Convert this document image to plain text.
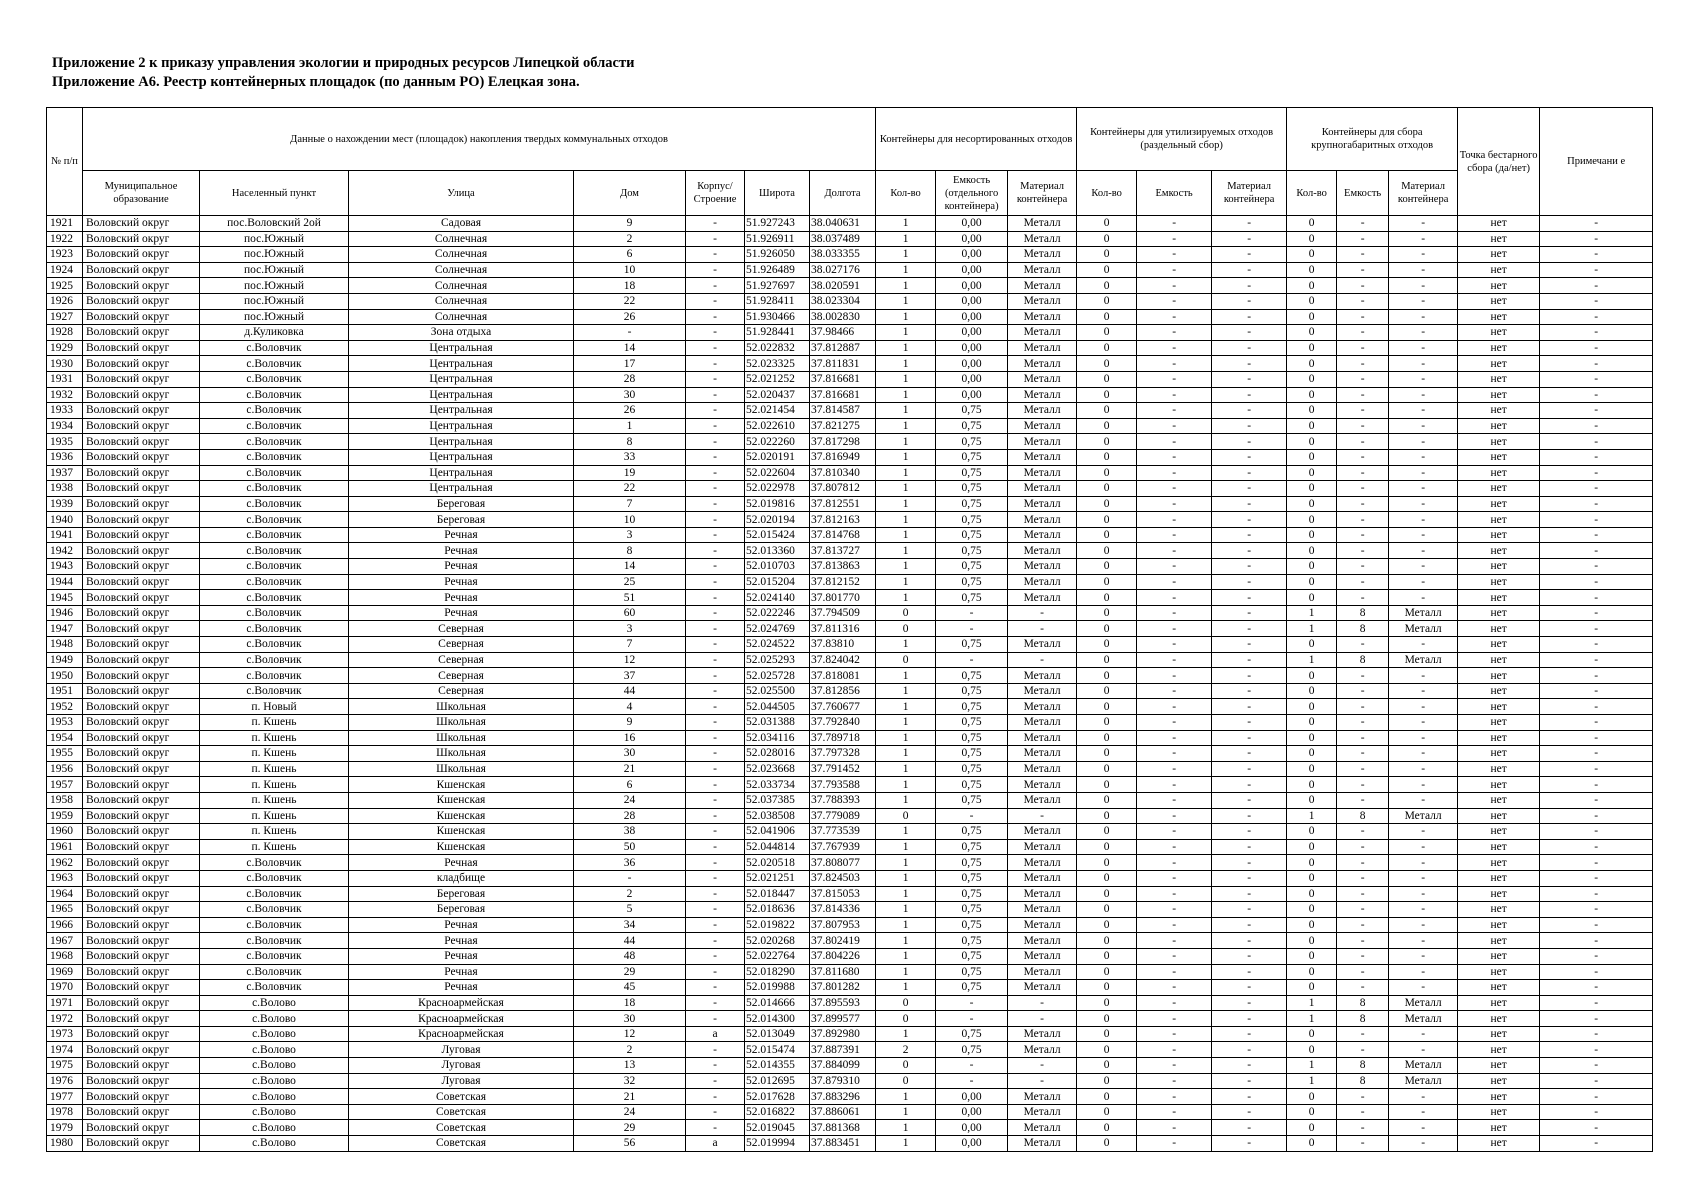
Приложение 2 к приказу управления экологии и природных ресурсов Липецкой области
Приложение А6. Реестр контейнерных площадок (по данным РО) Елецкая зона.
№ п/п	Данные о нахождении мест (площадок) накопления твердых коммунальных отходов							Контейнеры для несортированных отходов			Контейнеры для утилизируемых отходов (раздельный сбор)			Контейнеры для сбора крупногабаритных отходов			Точка бестарного сбора (да/нет)	Примечани е
	Муниципальное образование	Населенный пункт	Улица	Дом	Корпус/ Строение	Широта	Долгота	Кол-во	Емкость (отдельного контейнера)	Материал контейнера	Кол-во	Емкость	Материал контейнера	Кол-во	Емкость	Материал контейнера		
1921	Воловский округ	пос.Воловский 2ой	Садовая	9	-	51.927243	38.040631	1	0,00	Металл	0	-	-	0	-	-	нет	-
1922	Воловский округ	пос.Южный	Солнечная	2	-	51.926911	38.037489	1	0,00	Металл	0	-	-	0	-	-	нет	-
1923	Воловский округ	пос.Южный	Солнечная	6	-	51.926050	38.033355	1	0,00	Металл	0	-	-	0	-	-	нет	-
1924	Воловский округ	пос.Южный	Солнечная	10	-	51.926489	38.027176	1	0,00	Металл	0	-	-	0	-	-	нет	-
1925	Воловский округ	пос.Южный	Солнечная	18	-	51.927697	38.020591	1	0,00	Металл	0	-	-	0	-	-	нет	-
1926	Воловский округ	пос.Южный	Солнечная	22	-	51.928411	38.023304	1	0,00	Металл	0	-	-	0	-	-	нет	-
1927	Воловский округ	пос.Южный	Солнечная	26	-	51.930466	38.002830	1	0,00	Металл	0	-	-	0	-	-	нет	-
1928	Воловский округ	д.Куликовка	Зона отдыха	-	-	51.928441	37.98466	1	0,00	Металл	0	-	-	0	-	-	нет	-
1929	Воловский округ	с.Воловчик	Центральная	14	-	52.022832	37.812887	1	0,00	Металл	0	-	-	0	-	-	нет	-
1930	Воловский округ	с.Воловчик	Центральная	17	-	52.023325	37.811831	1	0,00	Металл	0	-	-	0	-	-	нет	-
1931	Воловский округ	с.Воловчик	Центральная	28	-	52.021252	37.816681	1	0,00	Металл	0	-	-	0	-	-	нет	-
1932	Воловский округ	с.Воловчик	Центральная	30	-	52.020437	37.816681	1	0,00	Металл	0	-	-	0	-	-	нет	-
1933	Воловский округ	с.Воловчик	Центральная	26	-	52.021454	37.814587	1	0,75	Металл	0	-	-	0	-	-	нет	-
1934	Воловский округ	с.Воловчик	Центральная	1	-	52.022610	37.821275	1	0,75	Металл	0	-	-	0	-	-	нет	-
1935	Воловский округ	с.Воловчик	Центральная	8	-	52.022260	37.817298	1	0,75	Металл	0	-	-	0	-	-	нет	-
1936	Воловский округ	с.Воловчик	Центральная	33	-	52.020191	37.816949	1	0,75	Металл	0	-	-	0	-	-	нет	-
1937	Воловский округ	с.Воловчик	Центральная	19	-	52.022604	37.810340	1	0,75	Металл	0	-	-	0	-	-	нет	-
1938	Воловский округ	с.Воловчик	Центральная	22	-	52.022978	37.807812	1	0,75	Металл	0	-	-	0	-	-	нет	-
1939	Воловский округ	с.Воловчик	Береговая	7	-	52.019816	37.812551	1	0,75	Металл	0	-	-	0	-	-	нет	-
1940	Воловский округ	с.Воловчик	Береговая	10	-	52.020194	37.812163	1	0,75	Металл	0	-	-	0	-	-	нет	-
1941	Воловский округ	с.Воловчик	Речная	3	-	52.015424	37.814768	1	0,75	Металл	0	-	-	0	-	-	нет	-
1942	Воловский округ	с.Воловчик	Речная	8	-	52.013360	37.813727	1	0,75	Металл	0	-	-	0	-	-	нет	-
1943	Воловский округ	с.Воловчик	Речная	14	-	52.010703	37.813863	1	0,75	Металл	0	-	-	0	-	-	нет	-
1944	Воловский округ	с.Воловчик	Речная	25	-	52.015204	37.812152	1	0,75	Металл	0	-	-	0	-	-	нет	-
1945	Воловский округ	с.Воловчик	Речная	51	-	52.024140	37.801770	1	0,75	Металл	0	-	-	0	-	-	нет	-
1946	Воловский округ	с.Воловчик	Речная	60	-	52.022246	37.794509	0	-	-	0	-	-	1	8	Металл	нет	-
1947	Воловский округ	с.Воловчик	Северная	3	-	52.024769	37.811316	0	-	-	0	-	-	1	8	Металл	нет	-
1948	Воловский округ	с.Воловчик	Северная	7	-	52.024522	37.83810	1	0,75	Металл	0	-	-	0	-	-	нет	-
1949	Воловский округ	с.Воловчик	Северная	12	-	52.025293	37.824042	0	-	-	0	-	-	1	8	Металл	нет	-
1950	Воловский округ	с.Воловчик	Северная	37	-	52.025728	37.818081	1	0,75	Металл	0	-	-	0	-	-	нет	-
1951	Воловский округ	с.Воловчик	Северная	44	-	52.025500	37.812856	1	0,75	Металл	0	-	-	0	-	-	нет	-
1952	Воловский округ	п. Новый	Школьная	4	-	52.044505	37.760677	1	0,75	Металл	0	-	-	0	-	-	нет	-
1953	Воловский округ	п. Кшень	Школьная	9	-	52.031388	37.792840	1	0,75	Металл	0	-	-	0	-	-	нет	-
1954	Воловский округ	п. Кшень	Школьная	16	-	52.034116	37.789718	1	0,75	Металл	0	-	-	0	-	-	нет	-
1955	Воловский округ	п. Кшень	Школьная	30	-	52.028016	37.797328	1	0,75	Металл	0	-	-	0	-	-	нет	-
1956	Воловский округ	п. Кшень	Школьная	21	-	52.023668	37.791452	1	0,75	Металл	0	-	-	0	-	-	нет	-
1957	Воловский округ	п. Кшень	Кшенская	6	-	52.033734	37.793588	1	0,75	Металл	0	-	-	0	-	-	нет	-
1958	Воловский округ	п. Кшень	Кшенская	24	-	52.037385	37.788393	1	0,75	Металл	0	-	-	0	-	-	нет	-
1959	Воловский округ	п. Кшень	Кшенская	28	-	52.038508	37.779089	0	-	-	0	-	-	1	8	Металл	нет	-
1960	Воловский округ	п. Кшень	Кшенская	38	-	52.041906	37.773539	1	0,75	Металл	0	-	-	0	-	-	нет	-
1961	Воловский округ	п. Кшень	Кшенская	50	-	52.044814	37.767939	1	0,75	Металл	0	-	-	0	-	-	нет	-
1962	Воловский округ	с.Воловчик	Речная	36	-	52.020518	37.808077	1	0,75	Металл	0	-	-	0	-	-	нет	-
1963	Воловский округ	с.Воловчик	кладбище	-	-	52.021251	37.824503	1	0,75	Металл	0	-	-	0	-	-	нет	-
1964	Воловский округ	с.Воловчик	Береговая	2	-	52.018447	37.815053	1	0,75	Металл	0	-	-	0	-	-	нет	-
1965	Воловский округ	с.Воловчик	Береговая	5	-	52.018636	37.814336	1	0,75	Металл	0	-	-	0	-	-	нет	-
1966	Воловский округ	с.Воловчик	Речная	34	-	52.019822	37.807953	1	0,75	Металл	0	-	-	0	-	-	нет	-
1967	Воловский округ	с.Воловчик	Речная	44	-	52.020268	37.802419	1	0,75	Металл	0	-	-	0	-	-	нет	-
1968	Воловский округ	с.Воловчик	Речная	48	-	52.022764	37.804226	1	0,75	Металл	0	-	-	0	-	-	нет	-
1969	Воловский округ	с.Воловчик	Речная	29	-	52.018290	37.811680	1	0,75	Металл	0	-	-	0	-	-	нет	-
1970	Воловский округ	с.Воловчик	Речная	45	-	52.019988	37.801282	1	0,75	Металл	0	-	-	0	-	-	нет	-
1971	Воловский округ	с.Волово	Красноармейская	18	-	52.014666	37.895593	0	-	-	0	-	-	1	8	Металл	нет	-
1972	Воловский округ	с.Волово	Красноармейская	30	-	52.014300	37.899577	0	-	-	0	-	-	1	8	Металл	нет	-
1973	Воловский округ	с.Волово	Красноармейская	12	а	52.013049	37.892980	1	0,75	Металл	0	-	-	0	-	-	нет	-
1974	Воловский округ	с.Волово	Луговая	2	-	52.015474	37.887391	2	0,75	Металл	0	-	-	0	-	-	нет	-
1975	Воловский округ	с.Волово	Луговая	13	-	52.014355	37.884099	0	-	-	0	-	-	1	8	Металл	нет	-
1976	Воловский округ	с.Волово	Луговая	32	-	52.012695	37.879310	0	-	-	0	-	-	1	8	Металл	нет	-
1977	Воловский округ	с.Волово	Советская	21	-	52.017628	37.883296	1	0,00	Металл	0	-	-	0	-	-	нет	-
1978	Воловский округ	с.Волово	Советская	24	-	52.016822	37.886061	1	0,00	Металл	0	-	-	0	-	-	нет	-
1979	Воловский округ	с.Волово	Советская	29	-	52.019045	37.881368	1	0,00	Металл	0	-	-	0	-	-	нет	-
1980	Воловский округ	с.Волово	Советская	56	а	52.019994	37.883451	1	0,00	Металл	0	-	-	0	-	-	нет	-
